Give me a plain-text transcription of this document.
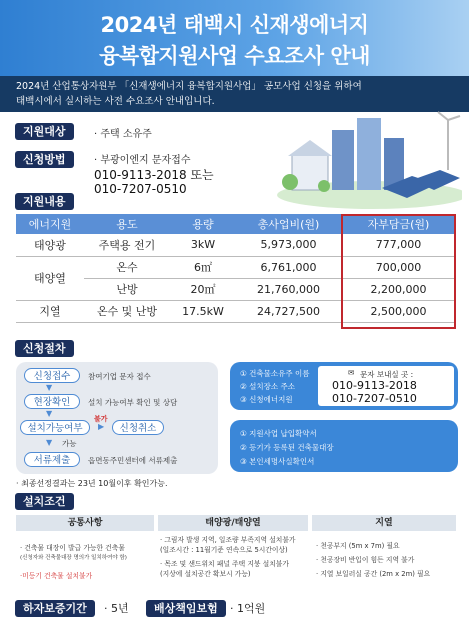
2024년 태백시 신재생에너지
융복합지원사업 수요조사 안내
2024년 산업통상자원부 「신재생에너지 융복합지원사업」 공모사업 신청을 위하여
태백시에서 실시하는 사전 수요조사 안내입니다.
지원대상	· 주택 소유주
신청방법	· 부광이엔지 문자접수
010-9113-2018 또는
010-7207-0510
지원내용
에너지원	용도	용량	총사업비(원)	자부담금(원)
태양광	주택용 전기	3kW	5,973,000	777,000
태양열	온수	6㎡	6,761,000	700,000
	난방	20㎡	21,760,000	2,200,000
지열	온수 및 난방	17.5kW	24,727,500	2,500,000
신청절차
신청접수	참여기업 문자 접수
▼
현장확인	설치 가능여부 확인 및 상담
▼
설치가능여부
불가
▶	신청취소
가능
▼
서류제출	읍면동주민센터에 서류제출
① 건축물소유주 이름
② 설치장소 주소
③ 신청에너지원
✉ 문자 보내실 곳 :
010-9113-2018
010-7207-0510
① 지원사업 납입확약서
② 등기가 등록된 건축물대장
③ 본인세명사실확인서
· 최종선정결과는 23년 10월이후 확인가능.
설치조건
공통사항	태양광/태양열	지열
· 건축물 대장이 발급 가능한 건축물
(신청자와 건축물대장 명의가 일치하여야 함)
·미등기 건축물 설치불가
· 그림자 발생 지역, 일조량 부족지역 설치불가
(일조시간 : 11월기준 연속으로 5시간이상)
· 목조 및 샌드위치 패널 주택 지붕 설치불가
(지상에 설치공간 확보시 가능)
· 천공부지 (5m x 7m) 필요
· 천공장비 반입이 힘든 지역 불가
· 지열 보일러실 공간 (2m x 2m) 필요
하자보증기간	· 5년	배상책임보험	· 1억원
